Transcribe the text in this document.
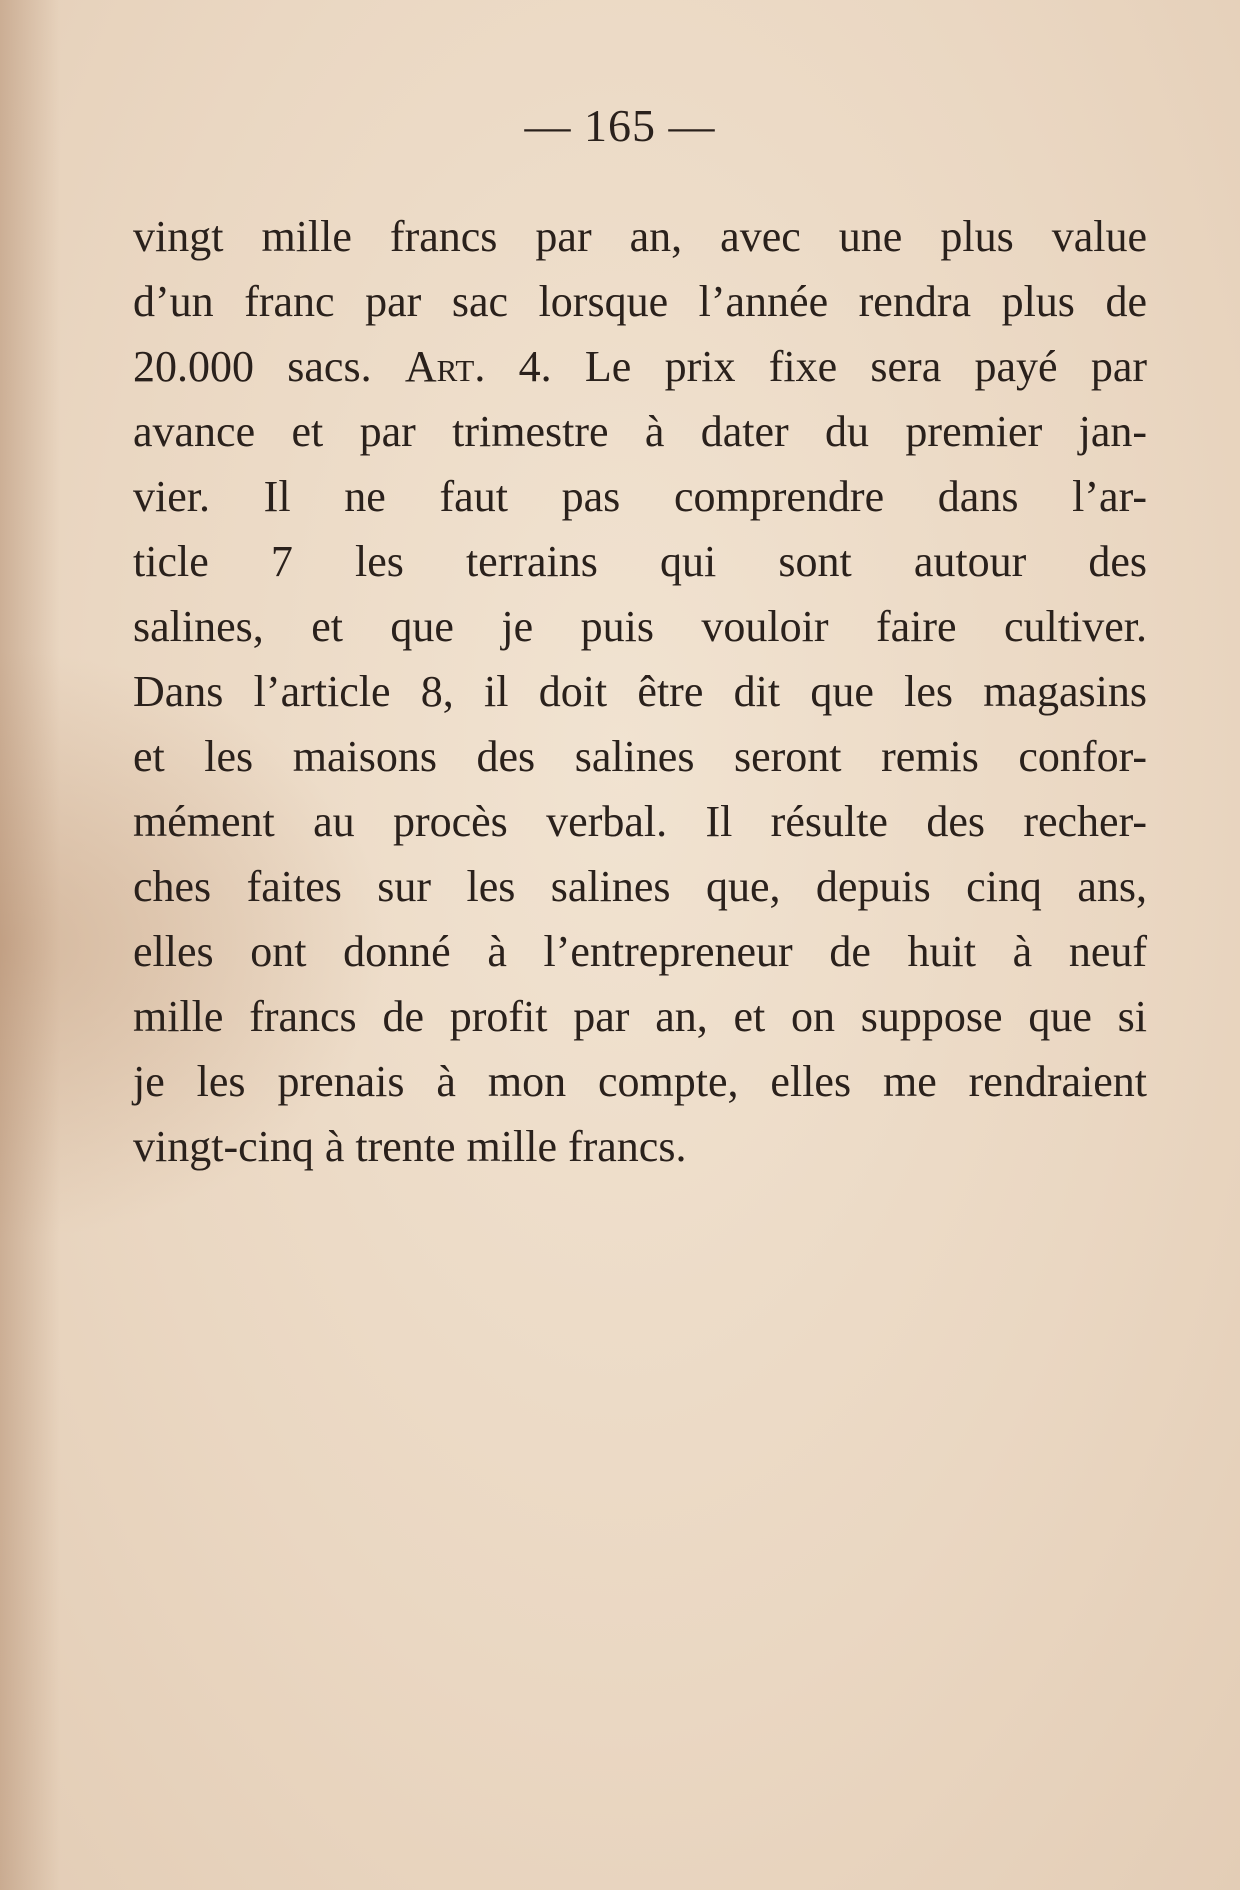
— 165 —
vingt mille francs par an, avec une plus value
d’un franc par sac lorsque l’année rendra plus de
20.000 sacs. Art. 4. Le prix fixe sera payé par
avance et par trimestre à dater du premier jan-
vier. Il ne faut pas comprendre dans l’ar-
ticle 7 les terrains qui sont autour des
salines, et que je puis vouloir faire cultiver.
Dans l’article 8, il doit être dit que les magasins
et les maisons des salines seront remis confor-
mément au procès verbal. Il résulte des recher-
ches faites sur les salines que, depuis cinq ans,
elles ont donné à l’entrepreneur de huit à neuf
mille francs de profit par an, et on suppose que si
je les prenais à mon compte, elles me rendraient
vingt-cinq à trente mille francs.
